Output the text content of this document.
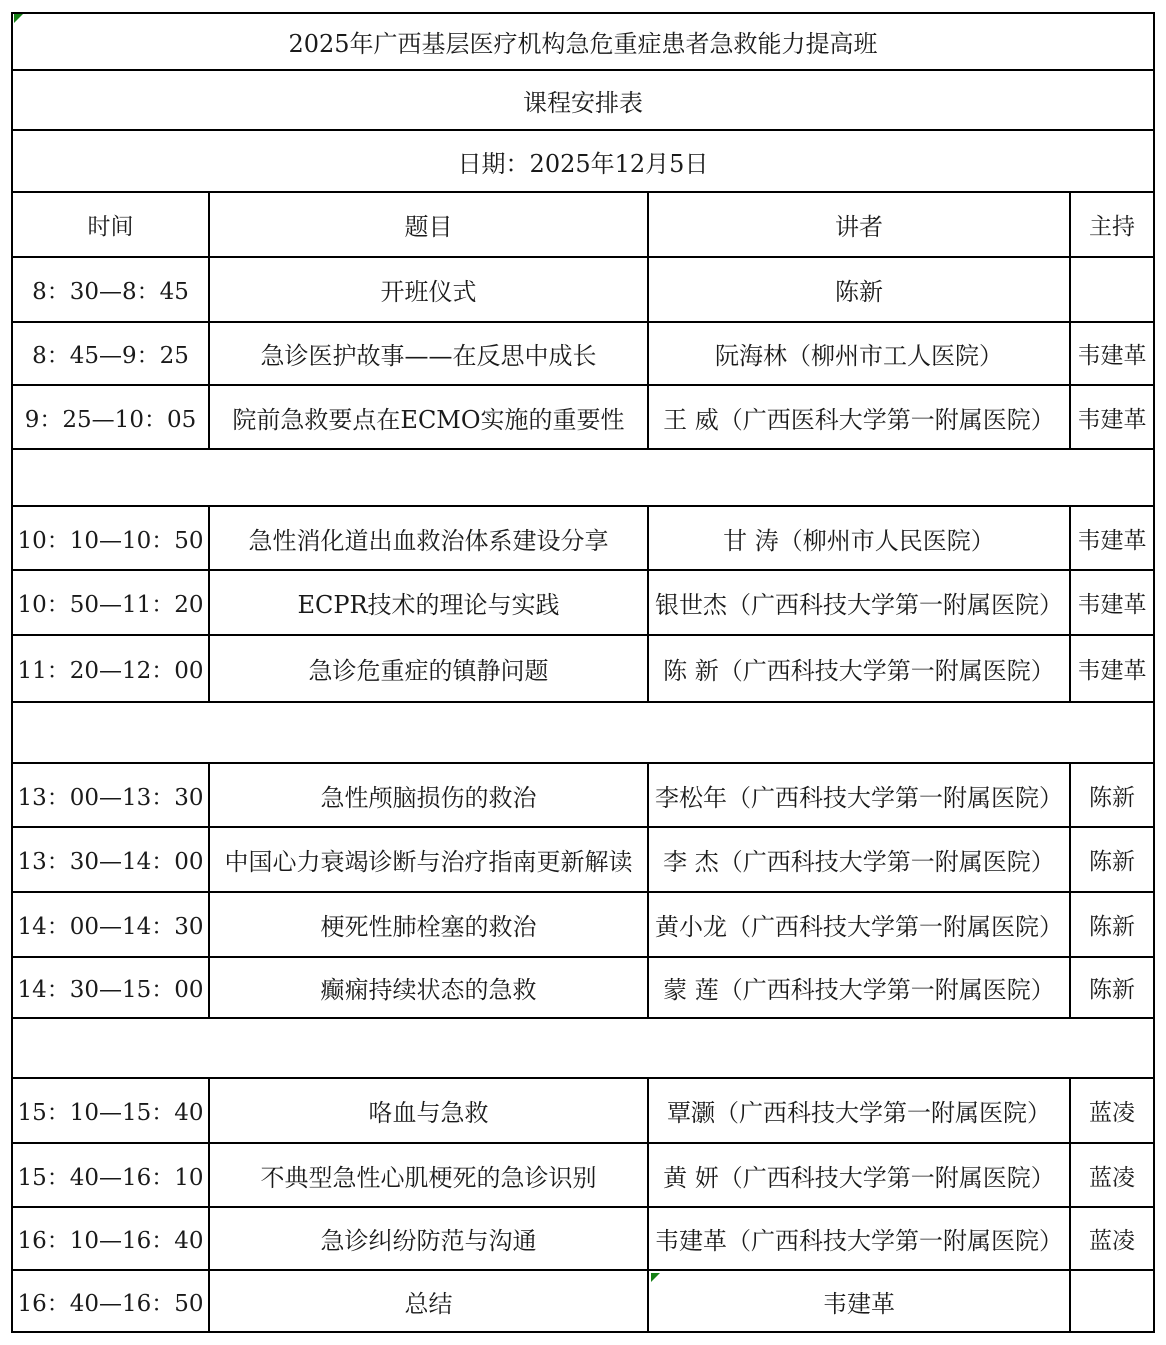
2025年广西基层医疗机构急危重症患者急救能力提高班			
课程安排表			
日期：2025年12月5日			
时间	题目	讲者	主持
8：30—8：45	开班仪式	陈新	
8：45—9：25	急诊医护故事——在反思中成长	阮海林（柳州市工人医院）	韦建革
9：25—10：05	院前急救要点在ECMO实施的重要性	王 威（广西医科大学第一附属医院）	韦建革

10：10—10：50	急性消化道出血救治体系建设分享	甘 涛（柳州市人民医院）	韦建革
10：50—11：20	ECPR技术的理论与实践	银世杰（广西科技大学第一附属医院）	韦建革
11：20—12：00	急诊危重症的镇静问题	陈 新（广西科技大学第一附属医院）	韦建革

13：00—13：30	急性颅脑损伤的救治	李松年（广西科技大学第一附属医院）	陈新
13：30—14：00	中国心力衰竭诊断与治疗指南更新解读	李 杰（广西科技大学第一附属医院）	陈新
14：00—14：30	梗死性肺栓塞的救治	黄小龙（广西科技大学第一附属医院）	陈新
14：30—15：00	癫痫持续状态的急救	蒙 莲（广西科技大学第一附属医院）	陈新

15：10—15：40	咯血与急救	覃灏（广西科技大学第一附属医院）	蓝凌
15：40—16：10	不典型急性心肌梗死的急诊识别	黄 妍（广西科技大学第一附属医院）	蓝凌
16：10—16：40	急诊纠纷防范与沟通	韦建革（广西科技大学第一附属医院）	蓝凌
16：40—16：50	总结	韦建革	
